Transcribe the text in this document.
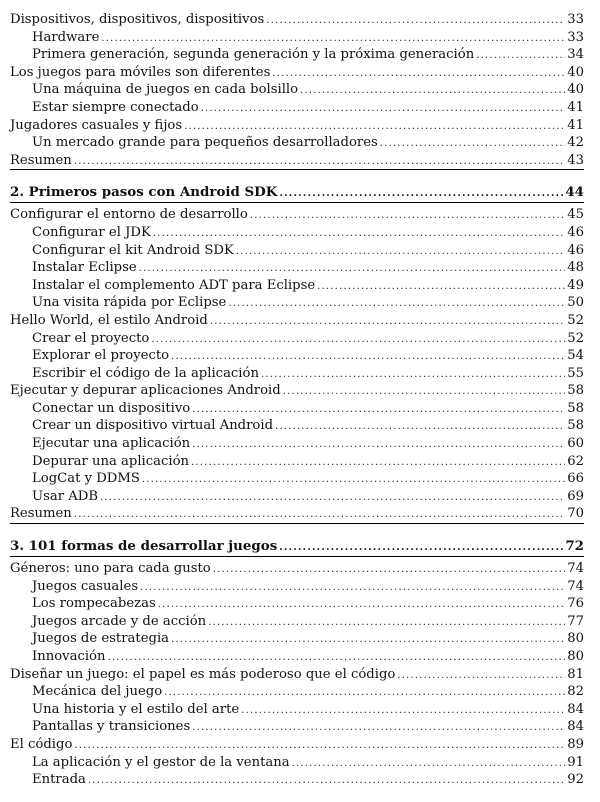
Dispositivos, dispositivos, dispositivos .....	33
Hardware .....	33
Primera generación, segunda generación y la próxima generación .....	34
Los juegos para móviles son diferentes .....	40
Una máquina de juegos en cada bolsillo .....	40
Estar siempre conectado .....	41
Jugadores casuales y fijos .....	41
Un mercado grande para pequeños desarrolladores .....	42
Resumen .....	43
2. Primeros pasos con Android SDK .....	44
Configurar el entorno de desarrollo .....	45
Configurar el JDK .....	46
Configurar el kit Android SDK .....	46
Instalar Eclipse .....	48
Instalar el complemento ADT para Eclipse .....	49
Una visita rápida por Eclipse .....	50
Hello World, el estilo Android .....	52
Crear el proyecto .....	52
Explorar el proyecto .....	54
Escribir el código de la aplicación .....	55
Ejecutar y depurar aplicaciones Android .....	58
Conectar un dispositivo .....	58
Crear un dispositivo virtual Android .....	58
Ejecutar una aplicación .....	60
Depurar una aplicación .....	62
LogCat y DDMS .....	66
Usar ADB .....	69
Resumen .....	70
3. 101 formas de desarrollar juegos .....	72
Géneros: uno para cada gusto .....	74
Juegos casuales .....	74
Los rompecabezas .....	76
Juegos arcade y de acción .....	77
Juegos de estrategia .....	80
Innovación .....	80
Diseñar un juego: el papel es más poderoso que el código .....	81
Mecánica del juego .....	82
Una historia y el estilo del arte .....	84
Pantallas y transiciones .....	84
El código .....	89
La aplicación y el gestor de la ventana .....	91
Entrada .....	92
